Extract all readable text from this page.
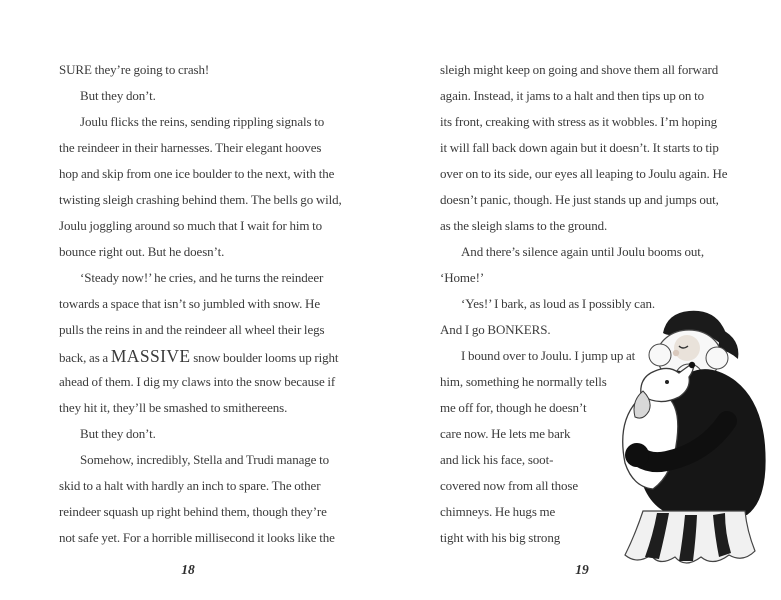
SURE they’re going to crash!
But they don’t.
Joulu flicks the reins, sending rippling signals to
the reindeer in their harnesses. Their elegant hooves
hop and skip from one ice boulder to the next, with the
twisting sleigh crashing behind them. The bells go wild,
Joulu joggling around so much that I wait for him to
bounce right out. But he doesn’t.
‘Steady now!’ he cries, and he turns the reindeer
towards a space that isn’t so jumbled with snow. He
pulls the reins in and the reindeer all wheel their legs
back, as a MASSIVE snow boulder looms up right
ahead of them. I dig my claws into the snow because if
they hit it, they’ll be smashed to smithereens.
But they don’t.
Somehow, incredibly, Stella and Trudi manage to
skid to a halt with hardly an inch to spare. The other
reindeer squash up right behind them, though they’re
not safe yet. For a horrible millisecond it looks like the
sleigh might keep on going and shove them all forward
again. Instead, it jams to a halt and then tips up on to
its front, creaking with stress as it wobbles. I’m hoping
it will fall back down again but it doesn’t. It starts to tip
over on to its side, our eyes all leaping to Joulu again. He
doesn’t panic, though. He just stands up and jumps out,
as the sleigh slams to the ground.
And there’s silence again until Joulu booms out,
‘Home!’
‘Yes!’ I bark, as loud as I possibly can.
And I go BONKERS.
I bound over to Joulu. I jump up at
him, something he normally tells
me off for, though he doesn’t
care now. He lets me bark
and lick his face, soot-
covered now from all those
chimneys. He hugs me
tight with his big strong
18	19
